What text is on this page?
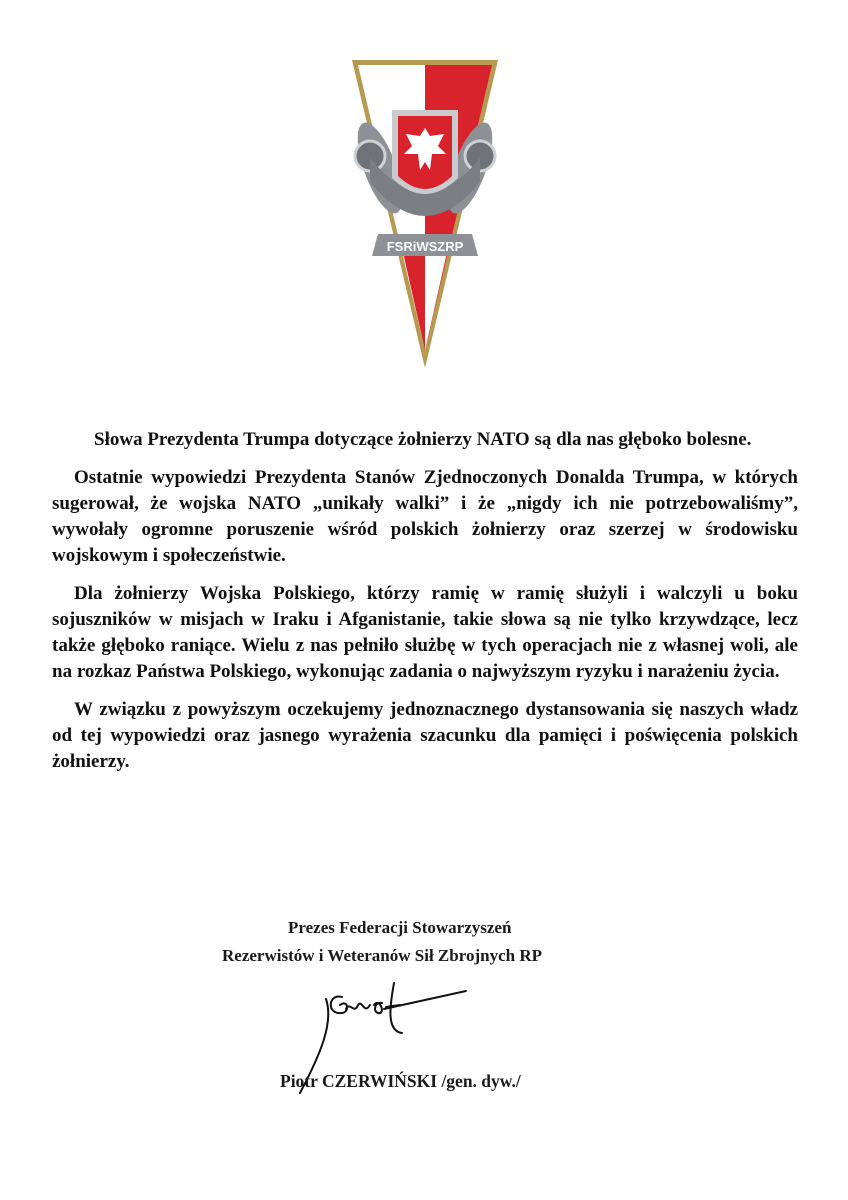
FSRiWSZRP

Słowa Prezydenta Trumpa dotyczące żołnierzy NATO są dla nas głęboko bolesne.

Ostatnie wypowiedzi Prezydenta Stanów Zjednoczonych Donalda Trumpa, w których sugerował, że wojska NATO „unikały walki” i że „nigdy ich nie potrzebowaliśmy”, wywołały ogromne poruszenie wśród polskich żołnierzy oraz szerzej w środowisku wojskowym i społeczeństwie.

Dla żołnierzy Wojska Polskiego, którzy ramię w ramię służyli i walczyli u boku sojuszników w misjach w Iraku i Afganistanie, takie słowa są nie tylko krzywdzące, lecz także głęboko raniące. Wielu z nas pełniło służbę w tych operacjach nie z własnej woli, ale na rozkaz Państwa Polskiego, wykonując zadania o najwyższym ryzyku i narażeniu życia.

W związku z powyższym oczekujemy jednoznacznego dystansowania się naszych władz od tej wypowiedzi oraz jasnego wyrażenia szacunku dla pamięci i poświęcenia polskich żołnierzy.

Prezes Federacji Stowarzyszeń
Rezerwistów i Weteranów Sił Zbrojnych RP
Piotr CZERWIŃSKI /gen. dyw./
